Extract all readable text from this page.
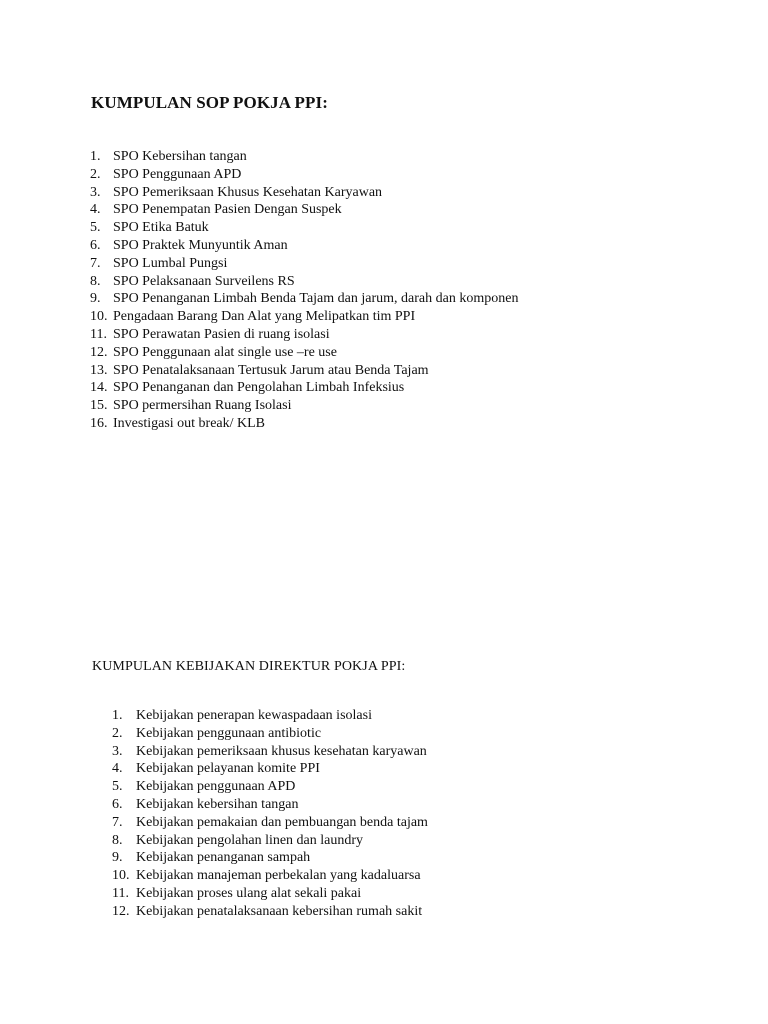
KUMPULAN SOP POKJA PPI:
1. SPO Kebersihan tangan
2. SPO Penggunaan APD
3. SPO Pemeriksaan Khusus Kesehatan Karyawan
4. SPO Penempatan Pasien Dengan Suspek
5. SPO Etika Batuk
6. SPO Praktek Munyuntik Aman
7. SPO Lumbal Pungsi
8. SPO Pelaksanaan Surveilens RS
9. SPO Penanganan Limbah Benda Tajam dan jarum, darah dan komponen
10. Pengadaan Barang Dan Alat yang Melipatkan tim PPI
11. SPO Perawatan Pasien di ruang isolasi
12. SPO Penggunaan alat single use –re use
13. SPO Penatalaksanaan Tertusuk Jarum atau Benda Tajam
14. SPO Penanganan dan Pengolahan Limbah Infeksius
15. SPO permersihan Ruang Isolasi
16. Investigasi out break/ KLB
KUMPULAN KEBIJAKAN DIREKTUR POKJA PPI:
1. Kebijakan penerapan kewaspadaan isolasi
2. Kebijakan penggunaan antibiotic
3. Kebijakan pemeriksaan khusus kesehatan karyawan
4. Kebijakan pelayanan komite PPI
5. Kebijakan penggunaan APD
6. Kebijakan kebersihan tangan
7. Kebijakan pemakaian dan pembuangan benda tajam
8. Kebijakan pengolahan linen dan laundry
9. Kebijakan penanganan sampah
10. Kebijakan manajeman perbekalan yang kadaluarsa
11. Kebijakan proses ulang alat sekali pakai
12. Kebijakan penatalaksanaan kebersihan rumah sakit
